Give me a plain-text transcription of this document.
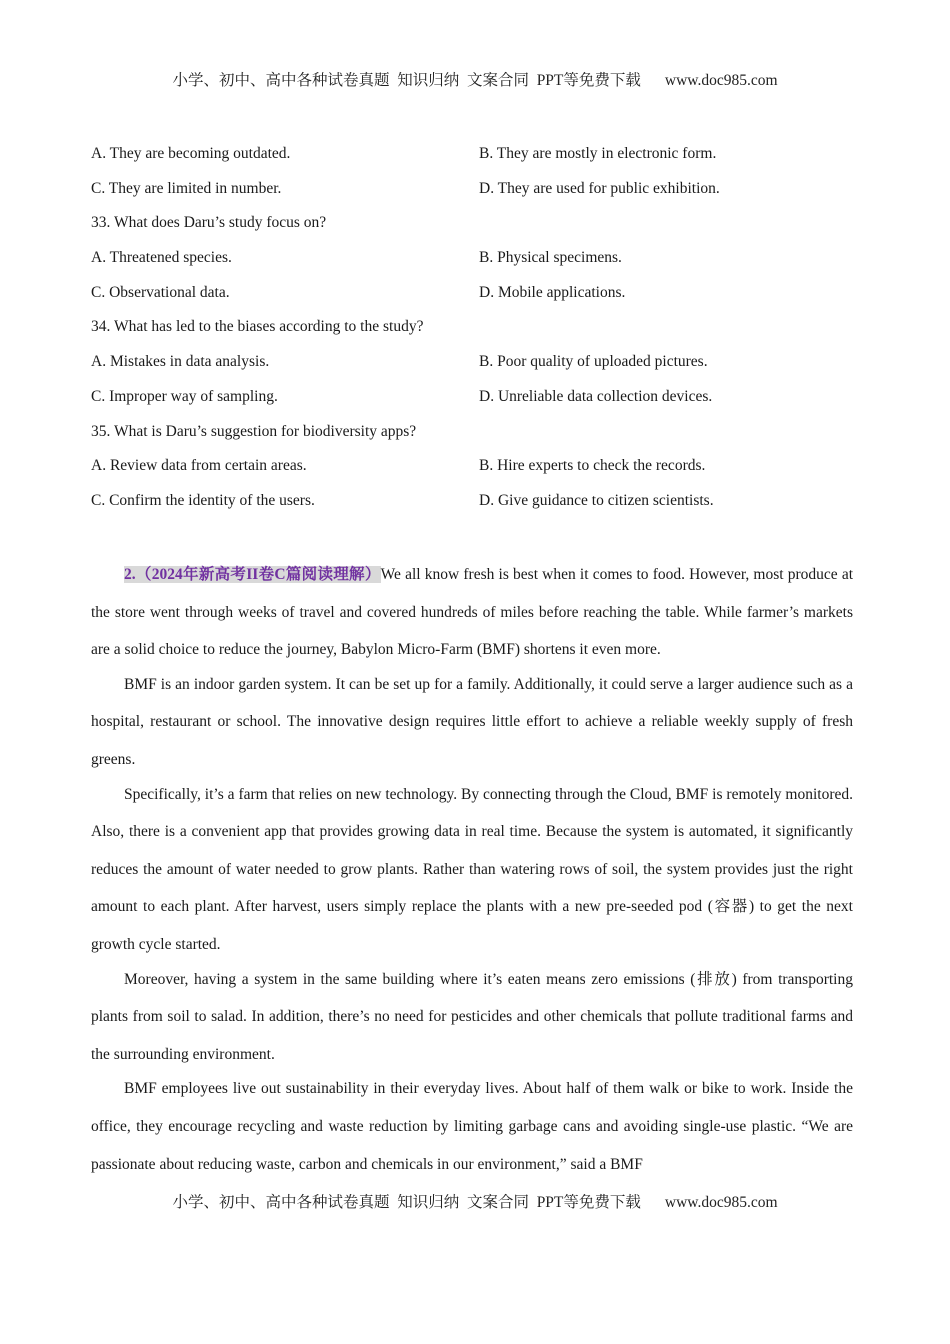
小学、初中、高中各种试卷真题  知识归纳  文案合同  PPT等免费下载 www.doc985.com
A. They are becoming outdated.	B. They are mostly in electronic form.
C. They are limited in number.	D. They are used for public exhibition.
33. What does Daru’s study focus on?
A. Threatened species.	B. Physical specimens.
C. Observational data.	D. Mobile applications.
34. What has led to the biases according to the study?
A. Mistakes in data analysis.	B. Poor quality of uploaded pictures.
C. Improper way of sampling.	D. Unreliable data collection devices.
35. What is Daru’s suggestion for biodiversity apps?
A. Review data from certain areas.	B. Hire experts to check the records.
C. Confirm the identity of the users.	D. Give guidance to citizen scientists.

2.（2024年新高考II卷C篇阅读理解）We all know fresh is best when it comes to food. However, most produce at the store went through weeks of travel and covered hundreds of miles before reaching the table. While farmer’s markets are a solid choice to reduce the journey, Babylon Micro-Farm (BMF) shortens it even more.

BMF is an indoor garden system. It can be set up for a family. Additionally, it could serve a larger audience such as a hospital, restaurant or school. The innovative design requires little effort to achieve a reliable weekly supply of fresh greens.

Specifically, it’s a farm that relies on new technology. By connecting through the Cloud, BMF is remotely monitored. Also, there is a convenient app that provides growing data in real time. Because the system is automated, it significantly reduces the amount of water needed to grow plants. Rather than watering rows of soil, the system provides just the right amount to each plant. After harvest, users simply replace the plants with a new pre-seeded pod (容器) to get the next growth cycle started.

Moreover, having a system in the same building where it’s eaten means zero emissions (排放) from transporting plants from soil to salad. In addition, there’s no need for pesticides and other chemicals that pollute traditional farms and the surrounding environment.

BMF employees live out sustainability in their everyday lives. About half of them walk or bike to work. Inside the office, they encourage recycling and waste reduction by limiting garbage cans and avoiding single-use plastic. “We are passionate about reducing waste, carbon and chemicals in our environment,” said a BMF

小学、初中、高中各种试卷真题  知识归纳  文案合同  PPT等免费下载 www.doc985.com
